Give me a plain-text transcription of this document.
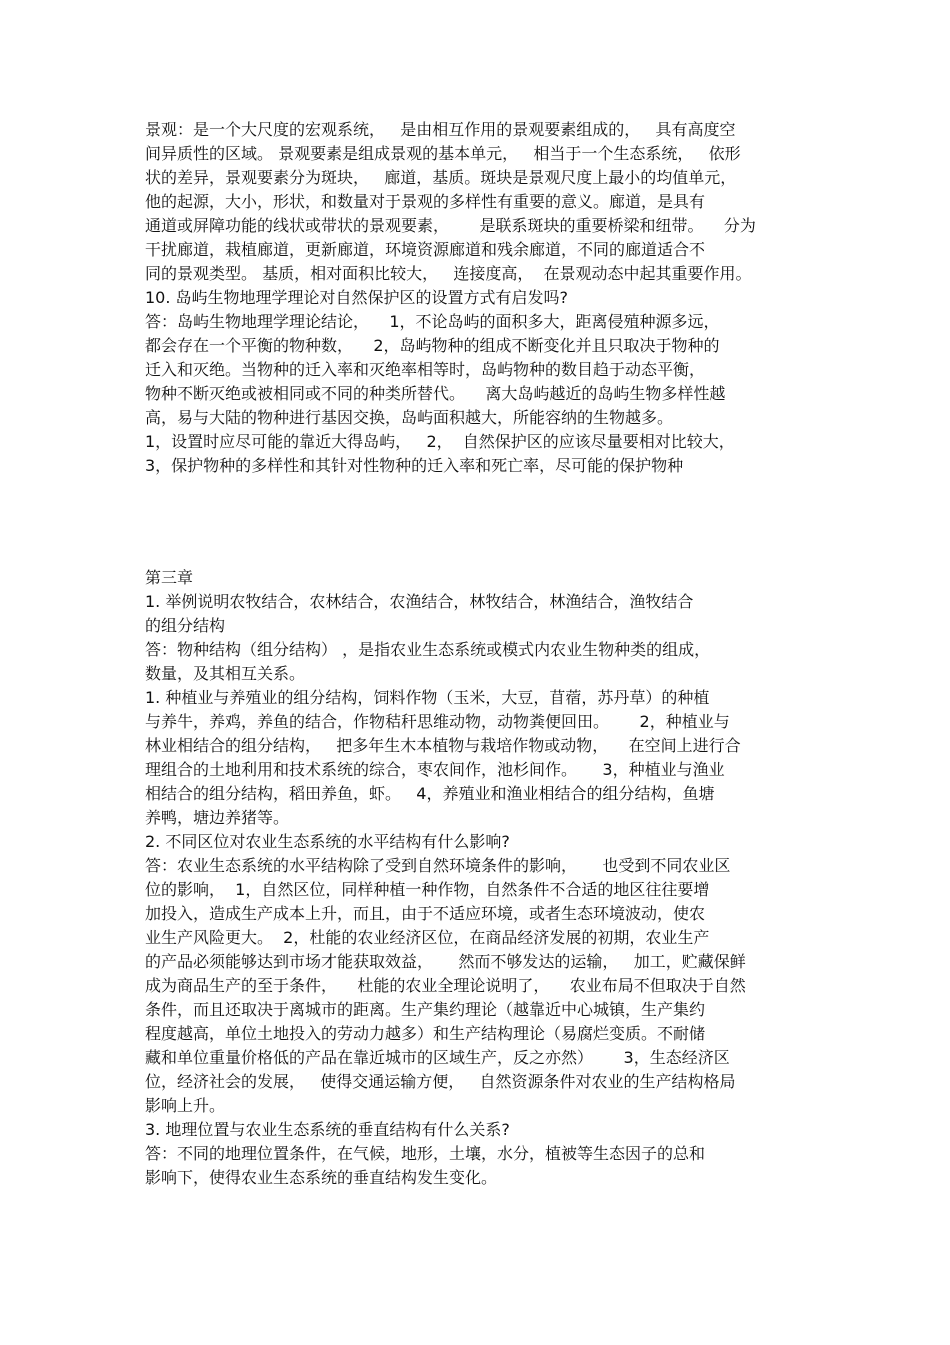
景观：是一个大尺度的宏观系统，   是由相互作用的景观要素组成的，   具有高度空
间异质性的区域。 景观要素是组成景观的基本单元，   相当于一个生态系统，   依形
状的差异，景观要素分为斑块，   廊道，基质。斑块是景观尺度上最小的均值单元，
他的起源，大小，形状，和数量对于景观的多样性有重要的意义。廊道，是具有
通道或屏障功能的线状或带状的景观要素，      是联系斑块的重要桥梁和纽带。    分为
干扰廊道，栽植廊道，更新廊道，环境资源廊道和残余廊道，不同的廊道适合不
同的景观类型。 基质，相对面积比较大，   连接度高，  在景观动态中起其重要作用。
10. 岛屿生物地理学理论对自然保护区的设置方式有启发吗?
答：岛屿生物地理学理论结论，    1，不论岛屿的面积多大，距离侵殖种源多远，
都会存在一个平衡的物种数，    2，岛屿物种的组成不断变化并且只取决于物种的
迁入和灭绝。当物种的迁入率和灭绝率相等时，岛屿物种的数目趋于动态平衡，
物种不断灭绝或被相同或不同的种类所替代。    离大岛屿越近的岛屿生物多样性越
高，易与大陆的物种进行基因交换，岛屿面积越大，所能容纳的生物越多。
1，设置时应尽可能的靠近大得岛屿，   2，  自然保护区的应该尽量要相对比较大，
3，保护物种的多样性和其针对性物种的迁入率和死亡率，尽可能的保护物种
第三章
1. 举例说明农牧结合，农林结合，农渔结合，林牧结合，林渔结合，渔牧结合
的组分结构
答：物种结构（组分结构） ，是指农业生态系统或模式内农业生物种类的组成，
数量，及其相互关系。
1. 种植业与养殖业的组分结构，饲料作物（玉米，大豆，苜蓿，苏丹草）的种植
与养牛，养鸡，养鱼的结合，作物秸秆思维动物，动物粪便回田。      2，种植业与
林业相结合的组分结构，   把多年生木本植物与栽培作物或动物，    在空间上进行合
理组合的土地利用和技术系统的综合，枣农间作，池杉间作。     3，种植业与渔业
相结合的组分结构，稻田养鱼，虾。   4，养殖业和渔业相结合的组分结构，鱼塘
养鸭，塘边养猪等。
2. 不同区位对农业生态系统的水平结构有什么影响?
答：农业生态系统的水平结构除了受到自然环境条件的影响，     也受到不同农业区
位的影响，  1，自然区位，同样种植一种作物，自然条件不合适的地区往往要增
加投入，造成生产成本上升，而且，由于不适应环境，或者生态环境波动，使农
业生产风险更大。  2，杜能的农业经济区位，在商品经济发展的初期，农业生产
的产品必须能够达到市场才能获取效益，     然而不够发达的运输，   加工，贮藏保鲜
成为商品生产的至于条件，    杜能的农业全理论说明了，    农业布局不但取决于自然
条件，而且还取决于离城市的距离。生产集约理论（越靠近中心城镇，生产集约
程度越高，单位土地投入的劳动力越多）和生产结构理论（易腐烂变质。不耐储
藏和单位重量价格低的产品在靠近城市的区域生产，反之亦然）      3，生态经济区
位，经济社会的发展，   使得交通运输方便，   自然资源条件对农业的生产结构格局
影响上升。
3. 地理位置与农业生态系统的垂直结构有什么关系?
答：不同的地理位置条件，在气候，地形，土壤，水分，植被等生态因子的总和
影响下，使得农业生态系统的垂直结构发生变化。
